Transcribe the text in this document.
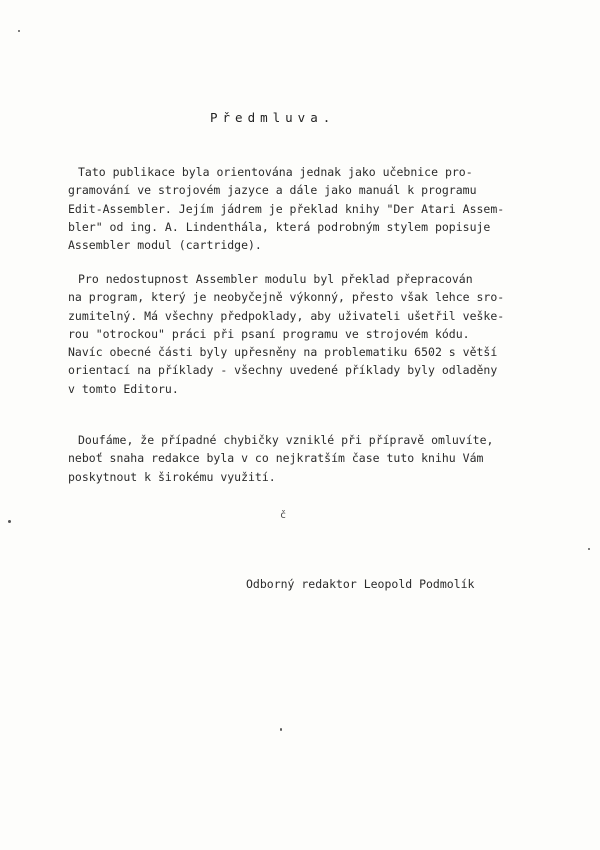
Předmluva.
Tato publikace byla orientována jednak jako učebnice pro-
gramování ve strojovém jazyce a dále jako manuál k programu
Edit-Assembler. Jejím jádrem je překlad knihy "Der Atari Assem-
bler" od ing. A. Lindenthála, která podrobným stylem popisuje
Assembler modul (cartridge).
Pro nedostupnost Assembler modulu byl překlad přepracován
na program, který je neobyčejně výkonný, přesto však lehce sro-
zumitelný. Má všechny předpoklady, aby uživateli ušetřil veške-
rou "otrockou" práci při psaní programu ve strojovém kódu.
Navíc obecné části byly upřesněny na problematiku 6502 s větší
orientací na příklady - všechny uvedené příklady byly odladěny
v tomto Editoru.
Doufáme, že případné chybičky vzniklé při přípravě omluvíte,
neboť snaha redakce byla v co nejkratším čase tuto knihu Vám
poskytnout k širokému využití.
č
Odborný redaktor Leopold Podmolík
